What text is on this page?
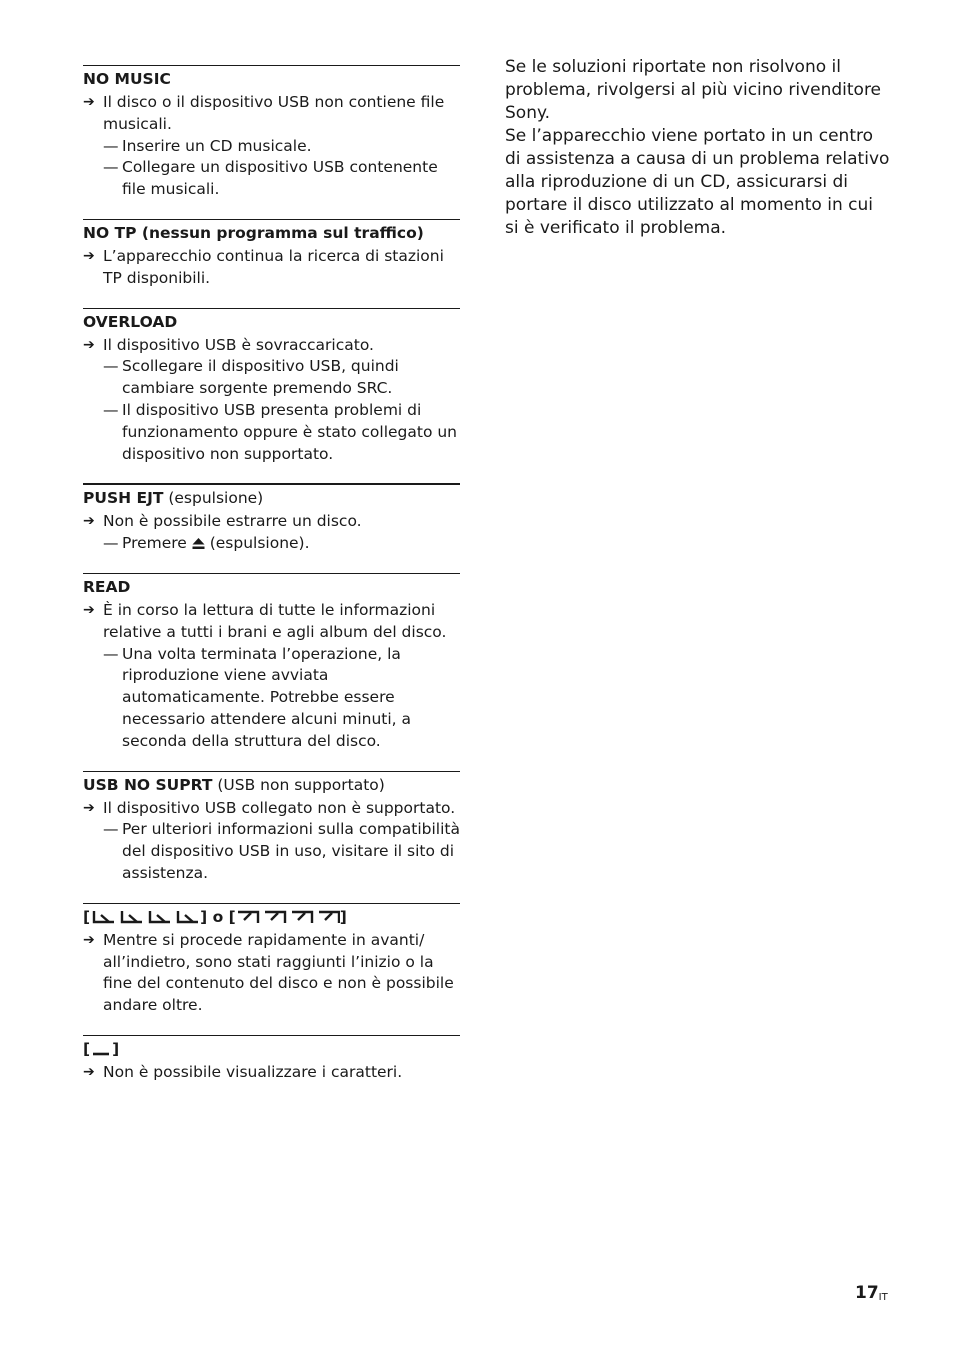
NO MUSIC
➔ Il disco o il dispositivo USB non contiene file musicali.
— Inserire un CD musicale.
— Collegare un dispositivo USB contenente file musicali.
NO TP (nessun programma sul traffico)
➔ L’apparecchio continua la ricerca di stazioni TP disponibili.
OVERLOAD
➔ Il dispositivo USB è sovraccaricato.
— Scollegare il dispositivo USB, quindi cambiare sorgente premendo SRC.
— Il dispositivo USB presenta problemi di funzionamento oppure è stato collegato un dispositivo non supportato.
PUSH EJT (espulsione)
➔ Non è possibile estrarre un disco.
— Premere  (espulsione).
READ
➔ È in corso la lettura di tutte le informazioni relative a tutti i brani e agli album del disco.
— Una volta terminata l’operazione, la riproduzione viene avviata automaticamente. Potrebbe essere necessario attendere alcuni minuti, a seconda della struttura del disco.
USB NO SUPRT (USB non supportato)
➔ Il dispositivo USB collegato non è supportato.
— Per ulteriori informazioni sulla compatibilità del dispositivo USB in uso, visitare il sito di assistenza.
[	] o [	]
➔ Mentre si procede rapidamente in avanti/ all’indietro, sono stati raggiunti l’inizio o la fine del contenuto del disco e non è possibile andare oltre.
[ ]
➔ Non è possibile visualizzare i caratteri.

Se le soluzioni riportate non risolvono il problema, rivolgersi al più vicino rivenditore Sony.

Se l’apparecchio viene portato in un centro di assistenza a causa di un problema relativo alla riproduzione di un CD, assicurarsi di portare il disco utilizzato al momento in cui si è verificato il problema.

$17_{IT}$
